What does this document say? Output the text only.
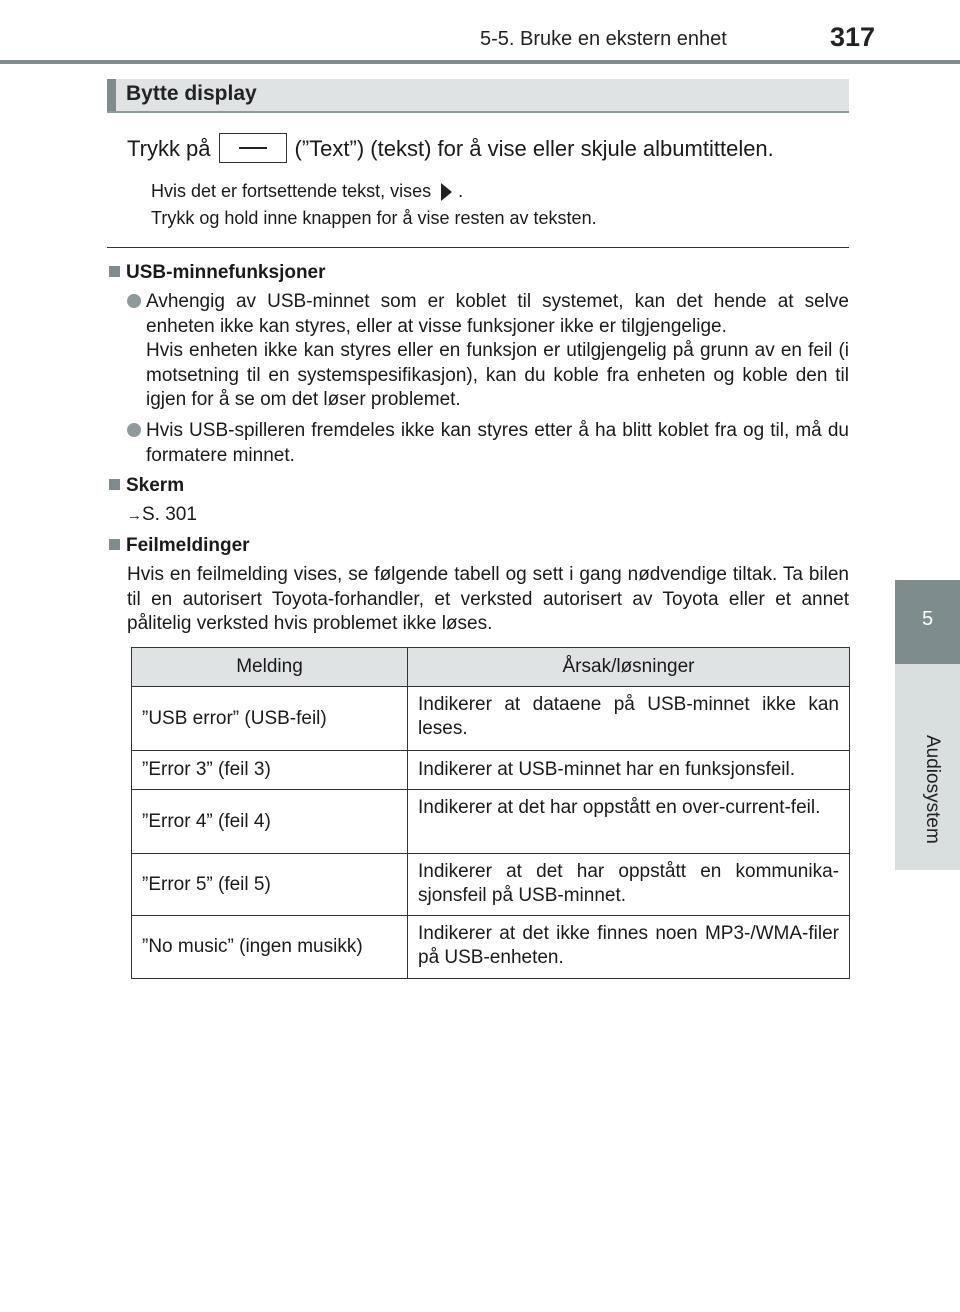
5-5. Bruke en ekstern enhet	317
5
Audiosystem
Bytte display
Trykk på	(”Text”) (tekst) for å vise eller skjule albumtittelen.
Hvis det er fortsettende tekst, vises .
Trykk og hold inne knappen for å vise resten av teksten.
USB-minnefunksjoner
Avhengig av USB-minnet som er koblet til systemet, kan det hende at selve enheten ikke kan styres, eller at visse funksjoner ikke er tilgjengelige.
Hvis enheten ikke kan styres eller en funksjon er utilgjengelig på grunn av en feil (i motsetning til en systemspesifikasjon), kan du koble fra enheten og koble den til igjen for å se om det løser problemet.
Hvis USB-spilleren fremdeles ikke kan styres etter å ha blitt koblet fra og til, må du formatere minnet.
Skerm
→S. 301
Feilmeldinger
Hvis en feilmelding vises, se følgende tabell og sett i gang nødvendige tiltak. Ta bilen til en autorisert Toyota-forhandler, et verksted autorisert av Toyota eller et annet pålitelig verksted hvis problemet ikke løses.
Melding	Årsak/løsninger
”USB error” (USB-feil)	Indikerer at dataene på USB-minnet ikke kan leses.
”Error 3” (feil 3)	Indikerer at USB-minnet har en funksjonsfeil.
”Error 4” (feil 4)	Indikerer at det har oppstått en over-current-feil.
”Error 5” (feil 5)	Indikerer at det har oppstått en kommunika-sjonsfeil på USB-minnet.
”No music” (ingen musikk)	Indikerer at det ikke finnes noen MP3-/WMA-filer på USB-enheten.
